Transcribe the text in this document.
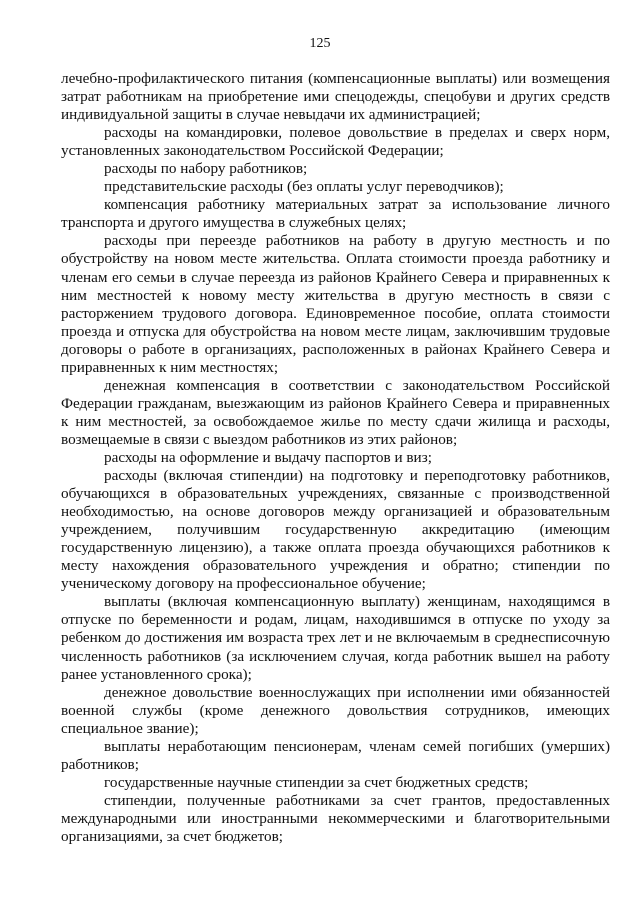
125

лечебно-профилактического питания (компенсационные выплаты) или возмещения затрат работникам на приобретение ими спецодежды, спецобуви и других средств индивидуальной защиты в случае невыдачи их администрацией;

расходы на командировки, полевое довольствие в пределах и сверх норм, установленных законодательством Российской Федерации;

расходы по набору работников;

представительские расходы (без оплаты услуг переводчиков);

компенсация работнику материальных затрат за использование личного транспорта и другого имущества в служебных целях;

расходы при переезде работников на работу в другую местность и по обустройству на новом месте жительства. Оплата стоимости проезда работнику и членам его семьи в случае переезда из районов Крайнего Севера и приравненных к ним местностей к новому месту жительства в другую местность в связи с расторжением трудового договора. Единовременное пособие, оплата стоимости проезда и отпуска для обустройства на новом месте лицам, заключившим трудовые договоры о работе в организациях, расположенных в районах Крайнего Севера и приравненных к ним местностях;

денежная компенсация в соответствии с законодательством Российской Федерации гражданам, выезжающим из районов Крайнего Севера и приравненных к ним местностей, за освобождаемое жилье по месту сдачи жилища и расходы, возмещаемые в связи с выездом работников из этих районов;

расходы на оформление и выдачу паспортов и виз;

расходы (включая стипендии) на подготовку и переподготовку работников, обучающихся в образовательных учреждениях, связанные с производственной необходимостью, на основе договоров между организацией и образовательным учреждением, получившим государственную аккредитацию (имеющим государственную лицензию), а также оплата проезда обучающихся работников к месту нахождения образовательного учреждения и обратно; стипендии по ученическому договору на профессиональное обучение;

выплаты (включая компенсационную выплату) женщинам, находящимся в отпуске по беременности и родам, лицам, находившимся в отпуске по уходу за ребенком до достижения им возраста трех лет и не включаемым в среднесписочную численность работников (за исключением случая, когда работник вышел на работу ранее установленного срока);

денежное довольствие военнослужащих при исполнении ими обязанностей военной службы (кроме денежного довольствия сотрудников, имеющих специальное звание);

выплаты неработающим пенсионерам, членам семей погибших (умерших) работников;

государственные научные стипендии за счет бюджетных средств;

стипендии, полученные работниками за счет грантов, предоставленных международными или иностранными некоммерческими и благотворительными организациями, за счет бюджетов;
